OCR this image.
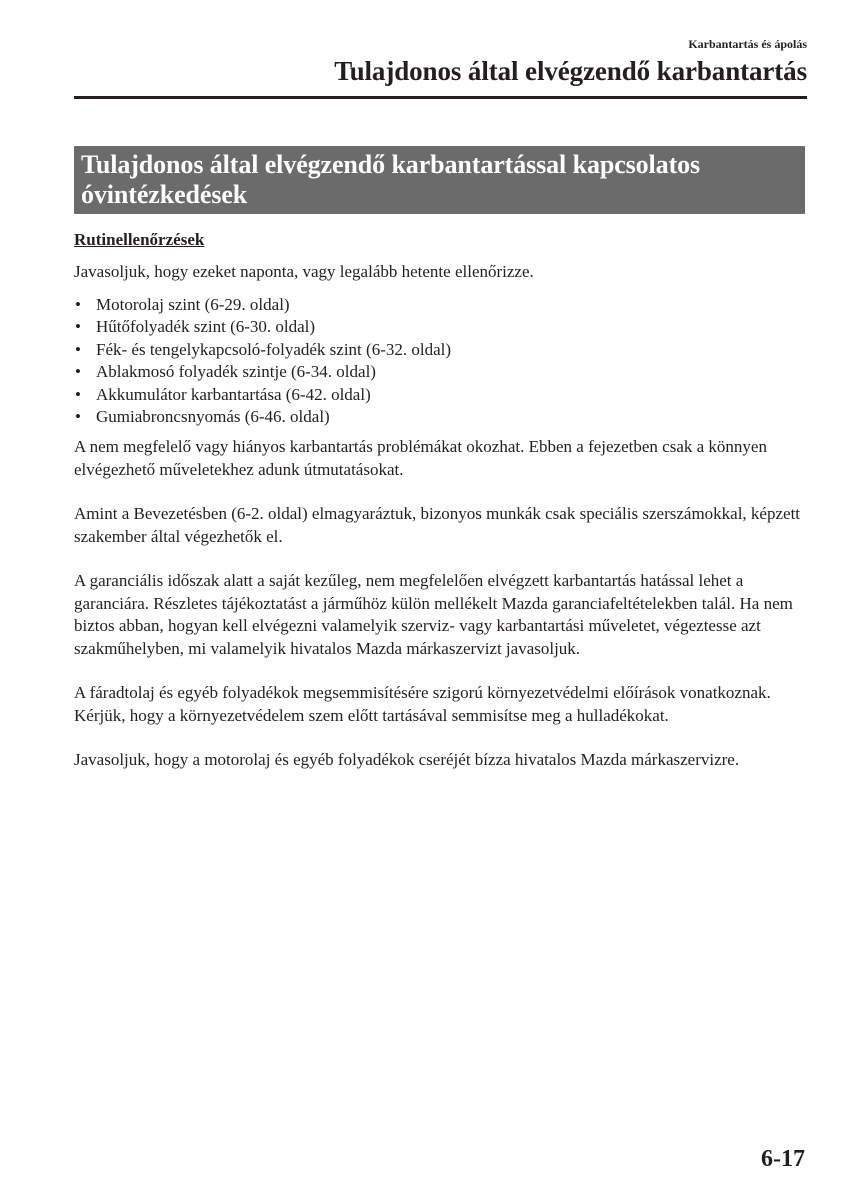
Karbantartás és ápolás
Tulajdonos által elvégzendő karbantartás
Tulajdonos által elvégzendő karbantartással kapcsolatos óvintézkedések

Rutinellenőrzések

Javasoljuk, hogy ezeket naponta, vagy legalább hetente ellenőrizze.

• Motorolaj szint (6-29. oldal)
• Hűtőfolyadék szint (6-30. oldal)
• Fék- és tengelykapcsoló-folyadék szint (6-32. oldal)
• Ablakmosó folyadék szintje (6-34. oldal)
• Akkumulátor karbantartása (6-42. oldal)
• Gumiabroncsnyomás (6-46. oldal)

A nem megfelelő vagy hiányos karbantartás problémákat okozhat. Ebben a fejezetben csak a könnyen elvégezhető műveletekhez adunk útmutatásokat.

Amint a Bevezetésben (6-2. oldal) elmagyaráztuk, bizonyos munkák csak speciális szerszámokkal, képzett szakember által végezhetők el.

A garanciális időszak alatt a saját kezűleg, nem megfelelően elvégzett karbantartás hatással lehet a garanciára. Részletes tájékoztatást a járműhöz külön mellékelt Mazda garanciafeltételekben talál. Ha nem biztos abban, hogyan kell elvégezni valamelyik szerviz- vagy karbantartási műveletet, végeztesse azt szakműhelyben, mi valamelyik hivatalos Mazda márkaszervizt javasoljuk.

A fáradtolaj és egyéb folyadékok megsemmisítésére szigorú környezetvédelmi előírások vonatkoznak. Kérjük, hogy a környezetvédelem szem előtt tartásával semmisítse meg a hulladékokat.

Javasoljuk, hogy a motorolaj és egyéb folyadékok cseréjét bízza hivatalos Mazda márkaszervizre.

6-17
